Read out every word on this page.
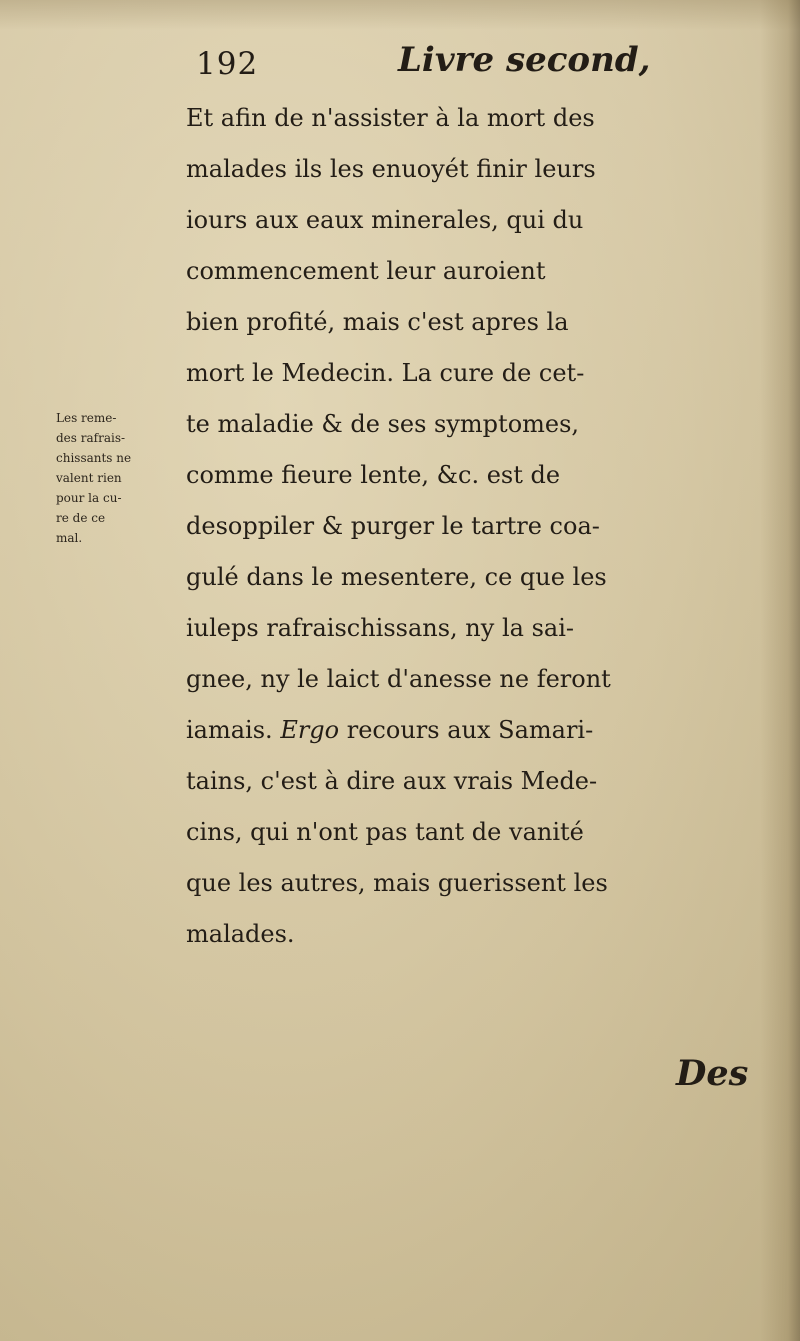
192	Livre second,
Et afin de n'assister à la mort des
malades ils les enuoyét finir leurs
iours aux eaux minerales, qui du
commencement leur auroient
bien profité, mais c'est apres la
mort le Medecin. La cure de cet-
te maladie & de ses symptomes,
comme fieure lente, &c. est de
desoppiler & purger le tartre coa-
gulé dans le mesentere, ce que les
iuleps rafraischissans, ny la sai-
gnee, ny le laict d'anesse ne feront
iamais. Ergo recours aux Samari-
tains, c'est à dire aux vrais Mede-
cins, qui n'ont pas tant de vanité
que les autres, mais guerissent les
malades.
Les reme-
des rafrais-
chissants ne
valent rien
pour la cu-
re de ce
mal.
Des
